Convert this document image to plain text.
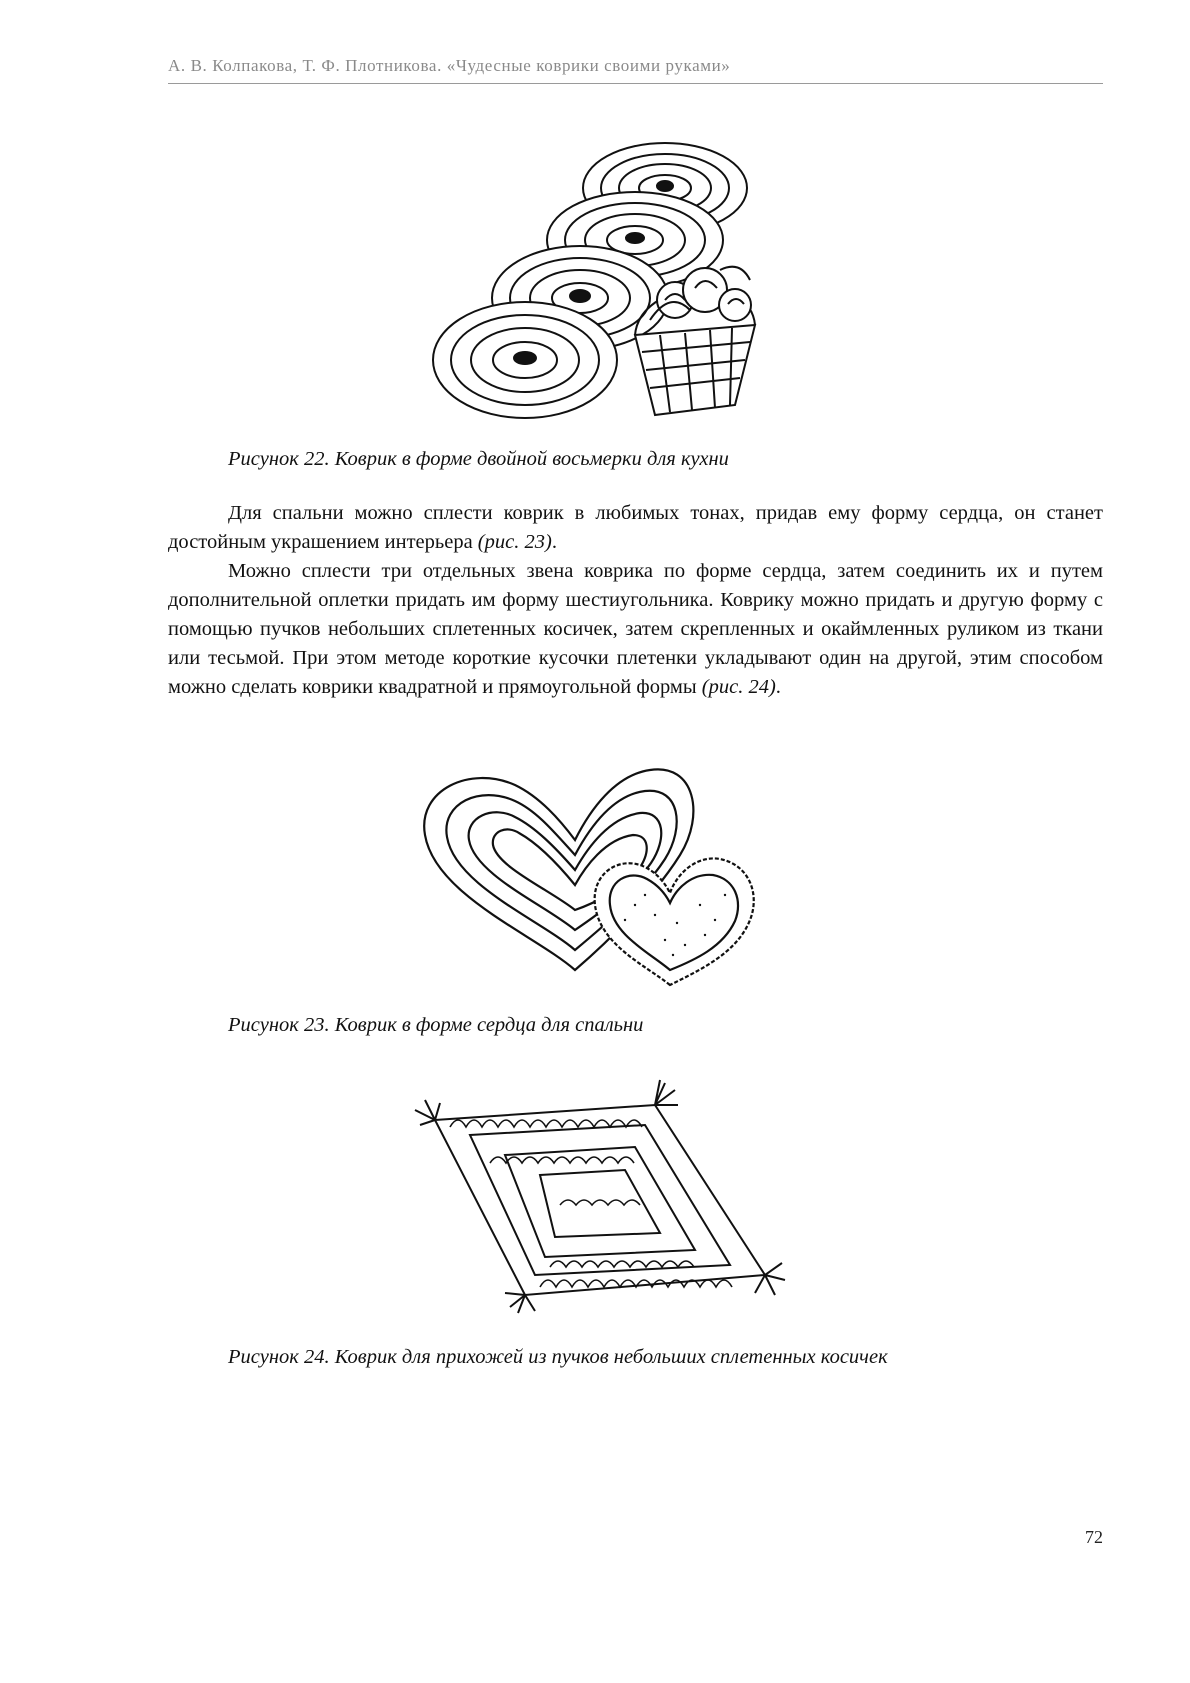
А. В. Колпакова, Т. Ф. Плотникова. «Чудесные коврики своими руками»
Рисунок 22. Коврик в форме двойной восьмерки для кухни

Для спальни можно сплести коврик в любимых тонах, придав ему форму сердца, он станет достойным украшением интерьера (рис. 23).

Можно сплести три отдельных звена коврика по форме сердца, затем соединить их и путем дополнительной оплетки придать им форму шестиугольника. Коврику можно придать и другую форму с помощью пучков небольших сплетенных косичек, затем скрепленных и окаймленных руликом из ткани или тесьмой. При этом методе короткие кусочки плетенки укладывают один на другой, этим способом можно сделать коврики квадратной и прямоугольной формы (рис. 24).

Рисунок 23. Коврик в форме сердца для спальни
Рисунок 24. Коврик для прихожей из пучков небольших сплетенных косичек
72
